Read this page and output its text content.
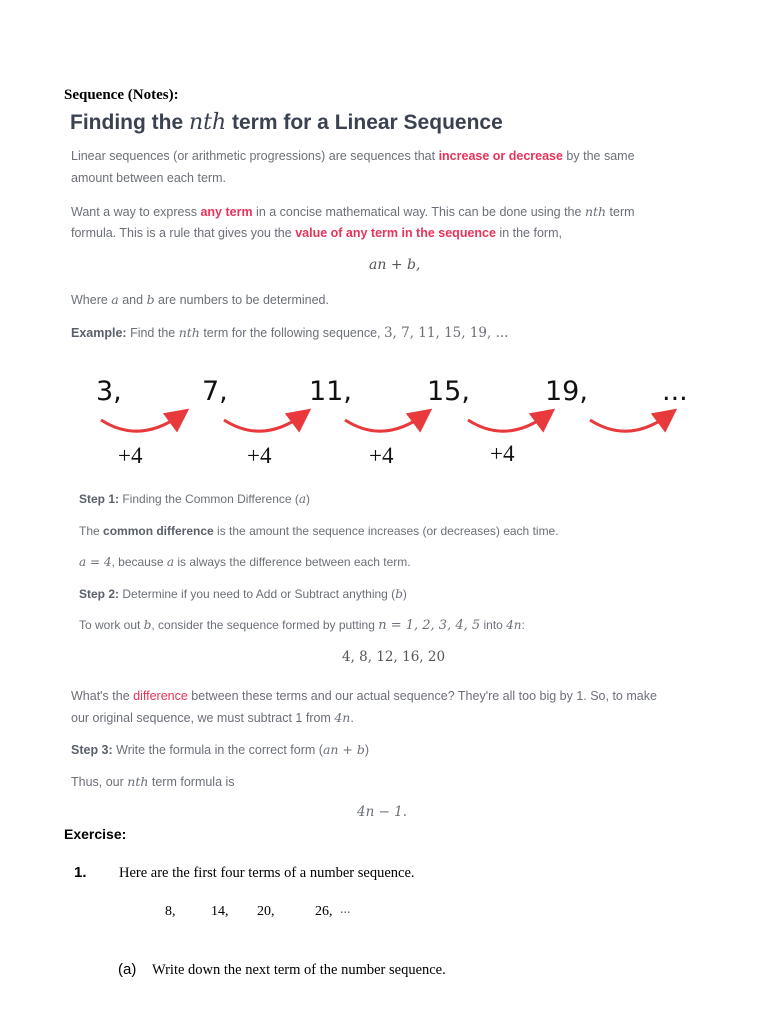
Sequence (Notes):
Finding the nth term for a Linear Sequence
Linear sequences (or arithmetic progressions) are sequences that increase or decrease by the same
amount between each term.
Want a way to express any term in a concise mathematical way. This can be done using the nth term
formula. This is a rule that gives you the value of any term in the sequence in the form,
an + b,
Where a and b are numbers to be determined.
Example: Find the nth term for the following sequence, 3, 7, 11, 15, 19, ...
3,	7,	11,	15,	19,	...
+4	+4	+4	+4
Step 1: Finding the Common Difference (a)
The common difference is the amount the sequence increases (or decreases) each time.
a = 4, because a is always the difference between each term.
Step 2: Determine if you need to Add or Subtract anything (b)
To work out b, consider the sequence formed by putting n = 1, 2, 3, 4, 5 into 4n:
4, 8, 12, 16, 20
What's the difference between these terms and our actual sequence? They're all too big by 1. So, to make
our original sequence, we must subtract 1 from 4n.
Step 3: Write the formula in the correct form (an + b)
Thus, our nth term formula is
4n − 1.
Exercise:
1. Here are the first four terms of a number sequence.
8,	14, 20,	26, ...
(a) Write down the next term of the number sequence.
